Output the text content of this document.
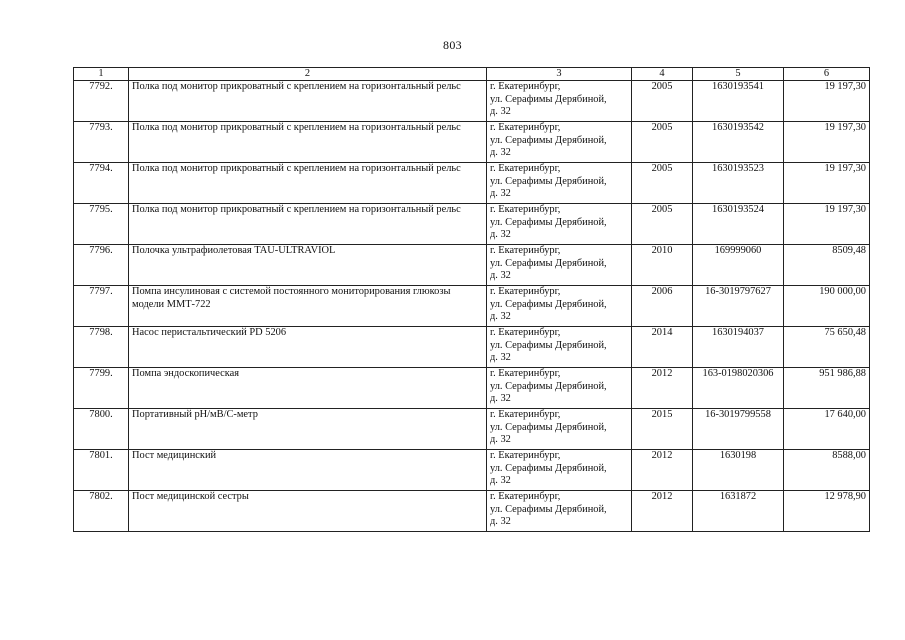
803
1	2	3	4	5	6
7792.	Полка под монитор прикроватный с креплением на горизонтальный рельс	г. Екатеринбург,
ул. Серафимы Дерябиной,
д. 32	2005	1630193541	19 197,30
7793.	Полка под монитор прикроватный с креплением на горизонтальный рельс	г. Екатеринбург,
ул. Серафимы Дерябиной,
д. 32	2005	1630193542	19 197,30
7794.	Полка под монитор прикроватный с креплением на горизонтальный рельс	г. Екатеринбург,
ул. Серафимы Дерябиной,
д. 32	2005	1630193523	19 197,30
7795.	Полка под монитор прикроватный с креплением на горизонтальный рельс	г. Екатеринбург,
ул. Серафимы Дерябиной,
д. 32	2005	1630193524	19 197,30
7796.	Полочка ультрафиолетовая TAU-ULTRAVIOL	г. Екатеринбург,
ул. Серафимы Дерябиной,
д. 32	2010	169999060	8509,48
7797.	Помпа инсулиновая с системой постоянного мониторирования глюкозы модели ММТ-722	г. Екатеринбург,
ул. Серафимы Дерябиной,
д. 32	2006	16-3019797627	190 000,00
7798.	Насос перистальтический PD 5206	г. Екатеринбург,
ул. Серафимы Дерябиной,
д. 32	2014	1630194037	75 650,48
7799.	Помпа эндоскопическая	г. Екатеринбург,
ул. Серафимы Дерябиной,
д. 32	2012	163-0198020306	951 986,88
7800.	Портативный pH/мВ/С-метр	г. Екатеринбург,
ул. Серафимы Дерябиной,
д. 32	2015	16-3019799558	17 640,00
7801.	Пост медицинский	г. Екатеринбург,
ул. Серафимы Дерябиной,
д. 32	2012	1630198	8588,00
7802.	Пост медицинской сестры	г. Екатеринбург,
ул. Серафимы Дерябиной,
д. 32	2012	1631872	12 978,90
